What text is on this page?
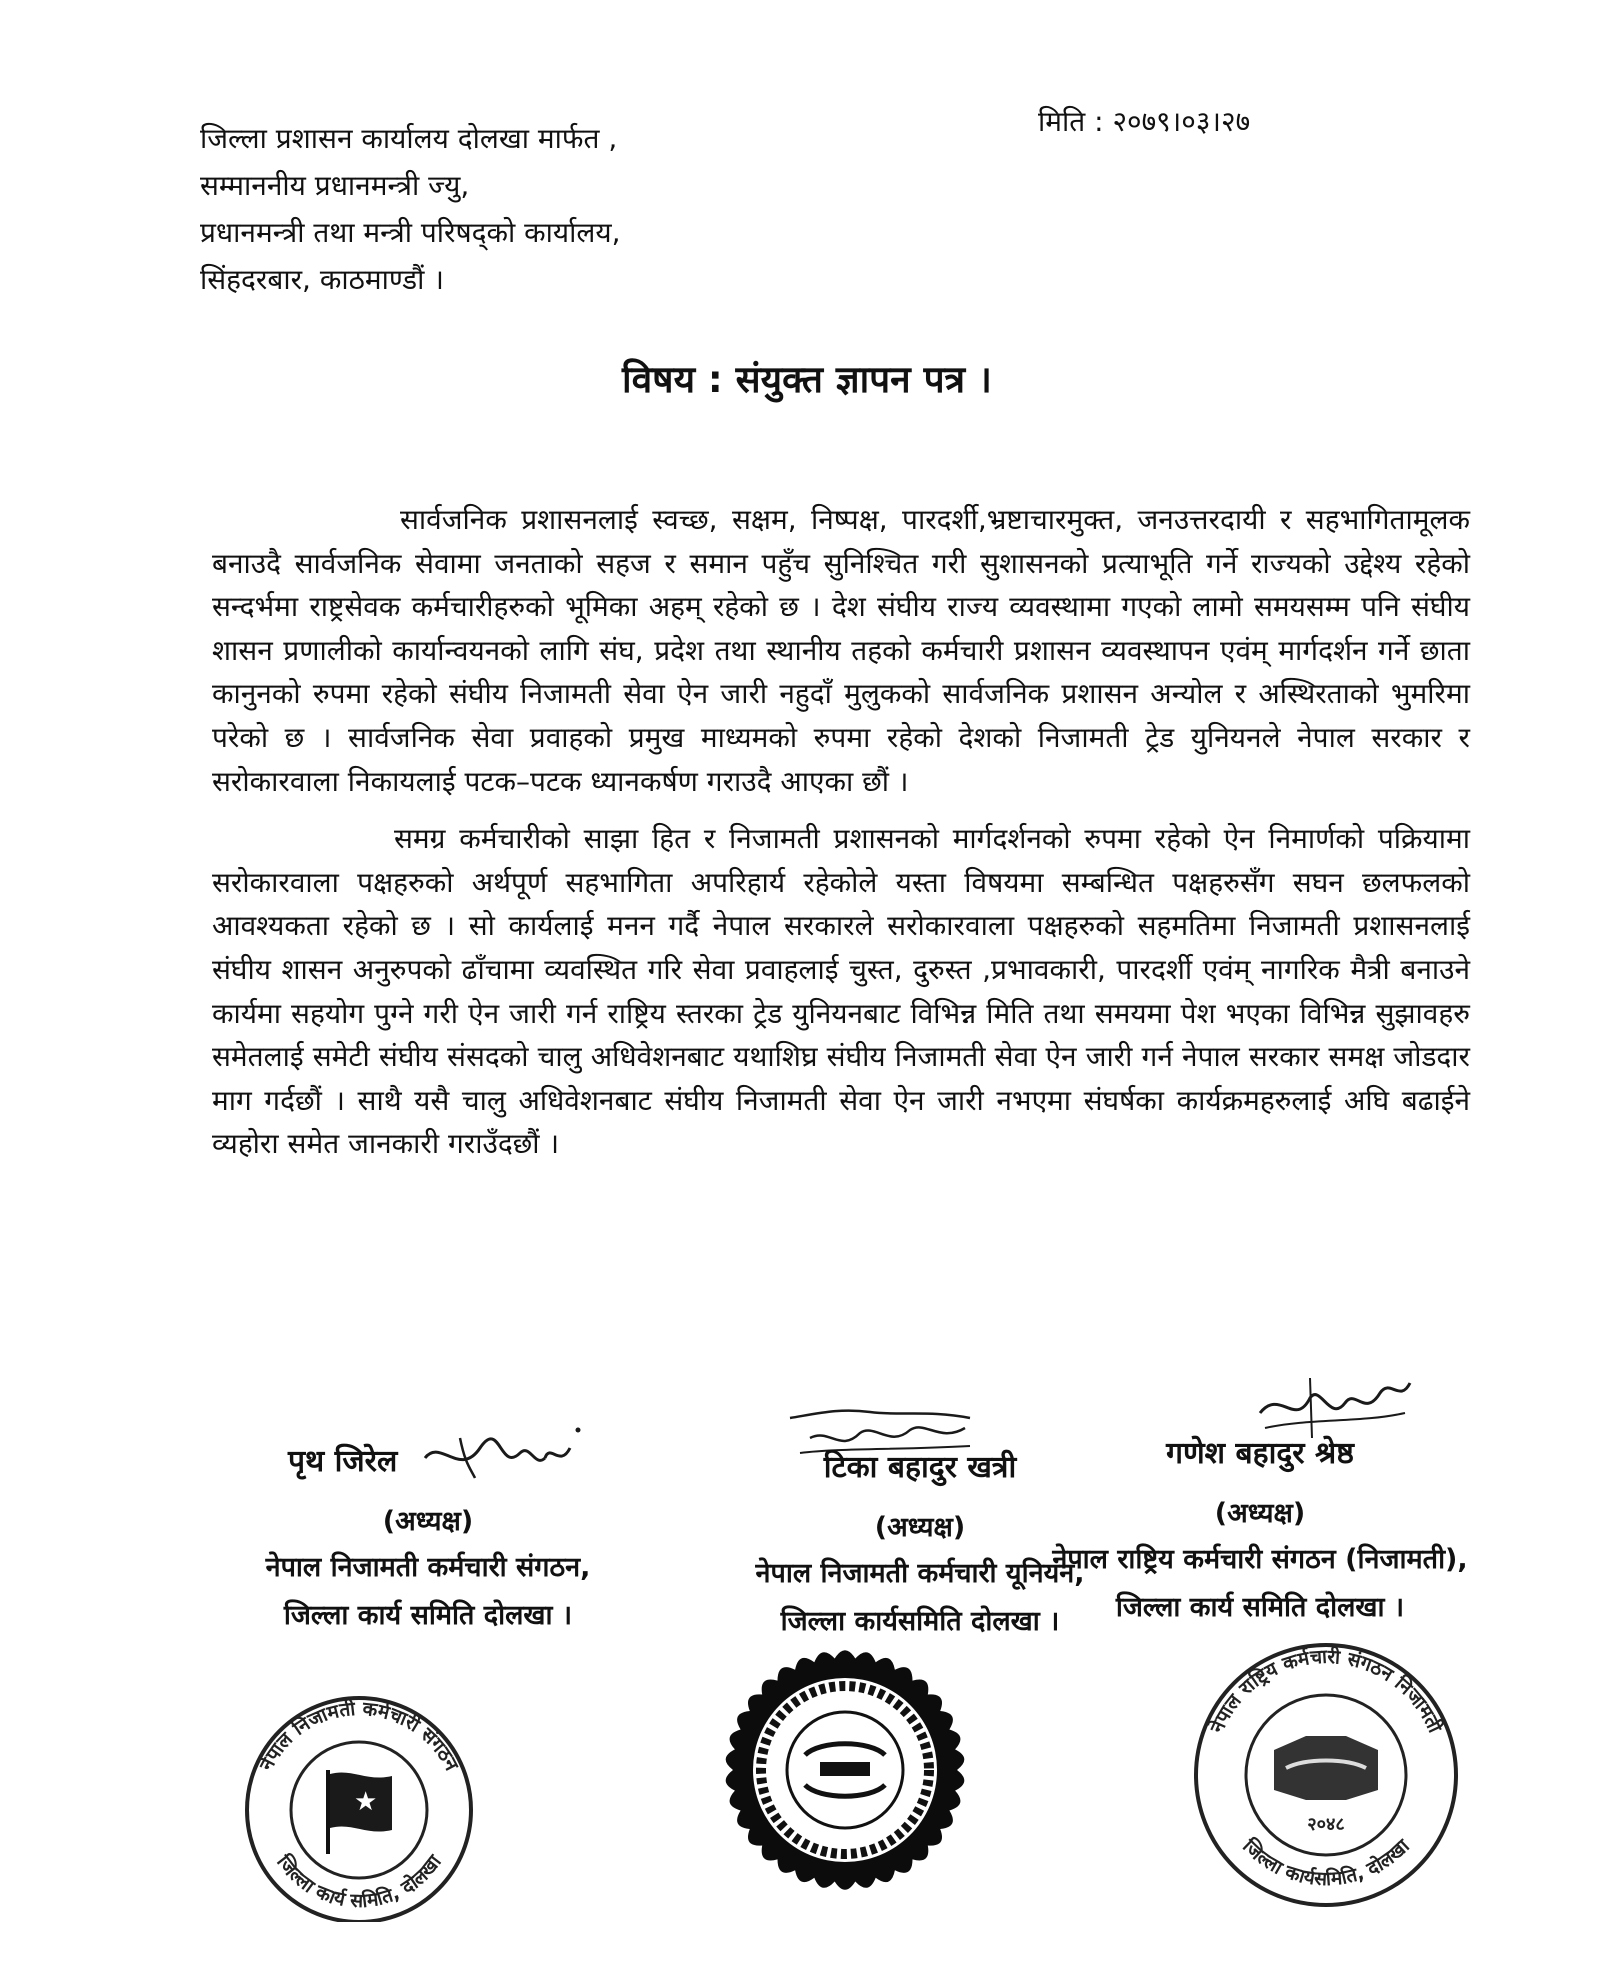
मिति : २०७९।०३।२७
जिल्ला प्रशासन कार्यालय दोलखा मार्फत ,
सम्माननीय प्रधानमन्त्री ज्यु,
प्रधानमन्त्री तथा मन्त्री परिषद्को कार्यालय,
सिंहदरबार, काठमाण्डौं ।
विषय : संयुक्त ज्ञापन पत्र ।

सार्वजनिक प्रशासनलाई स्वच्छ, सक्षम, निष्पक्ष, पारदर्शी,भ्रष्टाचारमुक्त, जनउत्तरदायी र सहभागितामूलक बनाउदै सार्वजनिक सेवामा जनताको सहज र समान पहुँच सुनिश्चित गरी सुशासनको प्रत्याभूति गर्ने राज्यको उद्देश्य रहेको सन्दर्भमा राष्ट्रसेवक कर्मचारीहरुको भूमिका अहम् रहेको छ । देश संघीय राज्य व्यवस्थामा गएको लामो समयसम्म पनि संघीय शासन प्रणालीको कार्यान्वयनको लागि संघ, प्रदेश तथा स्थानीय तहको कर्मचारी प्रशासन व्यवस्थापन एवंम् मार्गदर्शन गर्ने छाता कानुनको रुपमा रहेको संघीय निजामती सेवा ऐन जारी नहुदाँ मुलुकको सार्वजनिक प्रशासन अन्योल र अस्थिरताको भुमरिमा परेको छ । सार्वजनिक सेवा प्रवाहको प्रमुख माध्यमको रुपमा रहेको देशको निजामती ट्रेड युनियनले नेपाल सरकार र सरोकारवाला निकायलाई पटक–पटक ध्यानकर्षण गराउदै आएका छौं ।

समग्र कर्मचारीको साझा हित र निजामती प्रशासनको मार्गदर्शनको रुपमा रहेको ऐन निमार्णको पक्रियामा सरोकारवाला पक्षहरुको अर्थपूर्ण सहभागिता अपरिहार्य रहेकोले यस्ता विषयमा सम्बन्धित पक्षहरुसँग सघन छलफलको आवश्यकता रहेको छ । सो कार्यलाई मनन गर्दै नेपाल सरकारले सरोकारवाला पक्षहरुको सहमतिमा निजामती प्रशासनलाई संघीय शासन अनुरुपको ढाँचामा व्यवस्थित गरि सेवा प्रवाहलाई चुस्त, दुरुस्त ,प्रभावकारी, पारदर्शी एवंम् नागरिक मैत्री बनाउने कार्यमा सहयोग पुग्ने गरी ऐन जारी गर्न राष्ट्रिय स्तरका ट्रेड युनियनबाट विभिन्न मिति तथा समयमा पेश भएका विभिन्न सुझावहरु समेतलाई समेटी संघीय संसदको चालु अधिवेशनबाट यथाशिघ्र संघीय निजामती सेवा ऐन जारी गर्न नेपाल सरकार समक्ष जोडदार माग गर्दछौं । साथै यसै चालु अधिवेशनबाट संघीय निजामती सेवा ऐन जारी नभएमा संघर्षका कार्यक्रमहरुलाई अघि बढाईने व्यहोरा समेत जानकारी गराउँदछौं ।

पृथ जिरेल
(अध्यक्ष)
नेपाल निजामती कर्मचारी संगठन,
जिल्ला कार्य समिति दोलखा ।
टिका बहादुर खत्री
(अध्यक्ष)
नेपाल निजामती कर्मचारी यूनियन,
जिल्ला कार्यसमिति दोलखा ।
गणेश बहादुर श्रेष्ठ
(अध्यक्ष)
नेपाल राष्ट्रिय कर्मचारी संगठन (निजामती),
जिल्ला कार्य समिति दोलखा ।
नेपाल निजामती कर्मचारी संगठन
जिल्ला कार्य समिति, दोलखा
★
नेपाल राष्ट्रिय कर्मचारी संगठन निजामती
जिल्ला कार्यसमिति, दोलखा
२०४८
